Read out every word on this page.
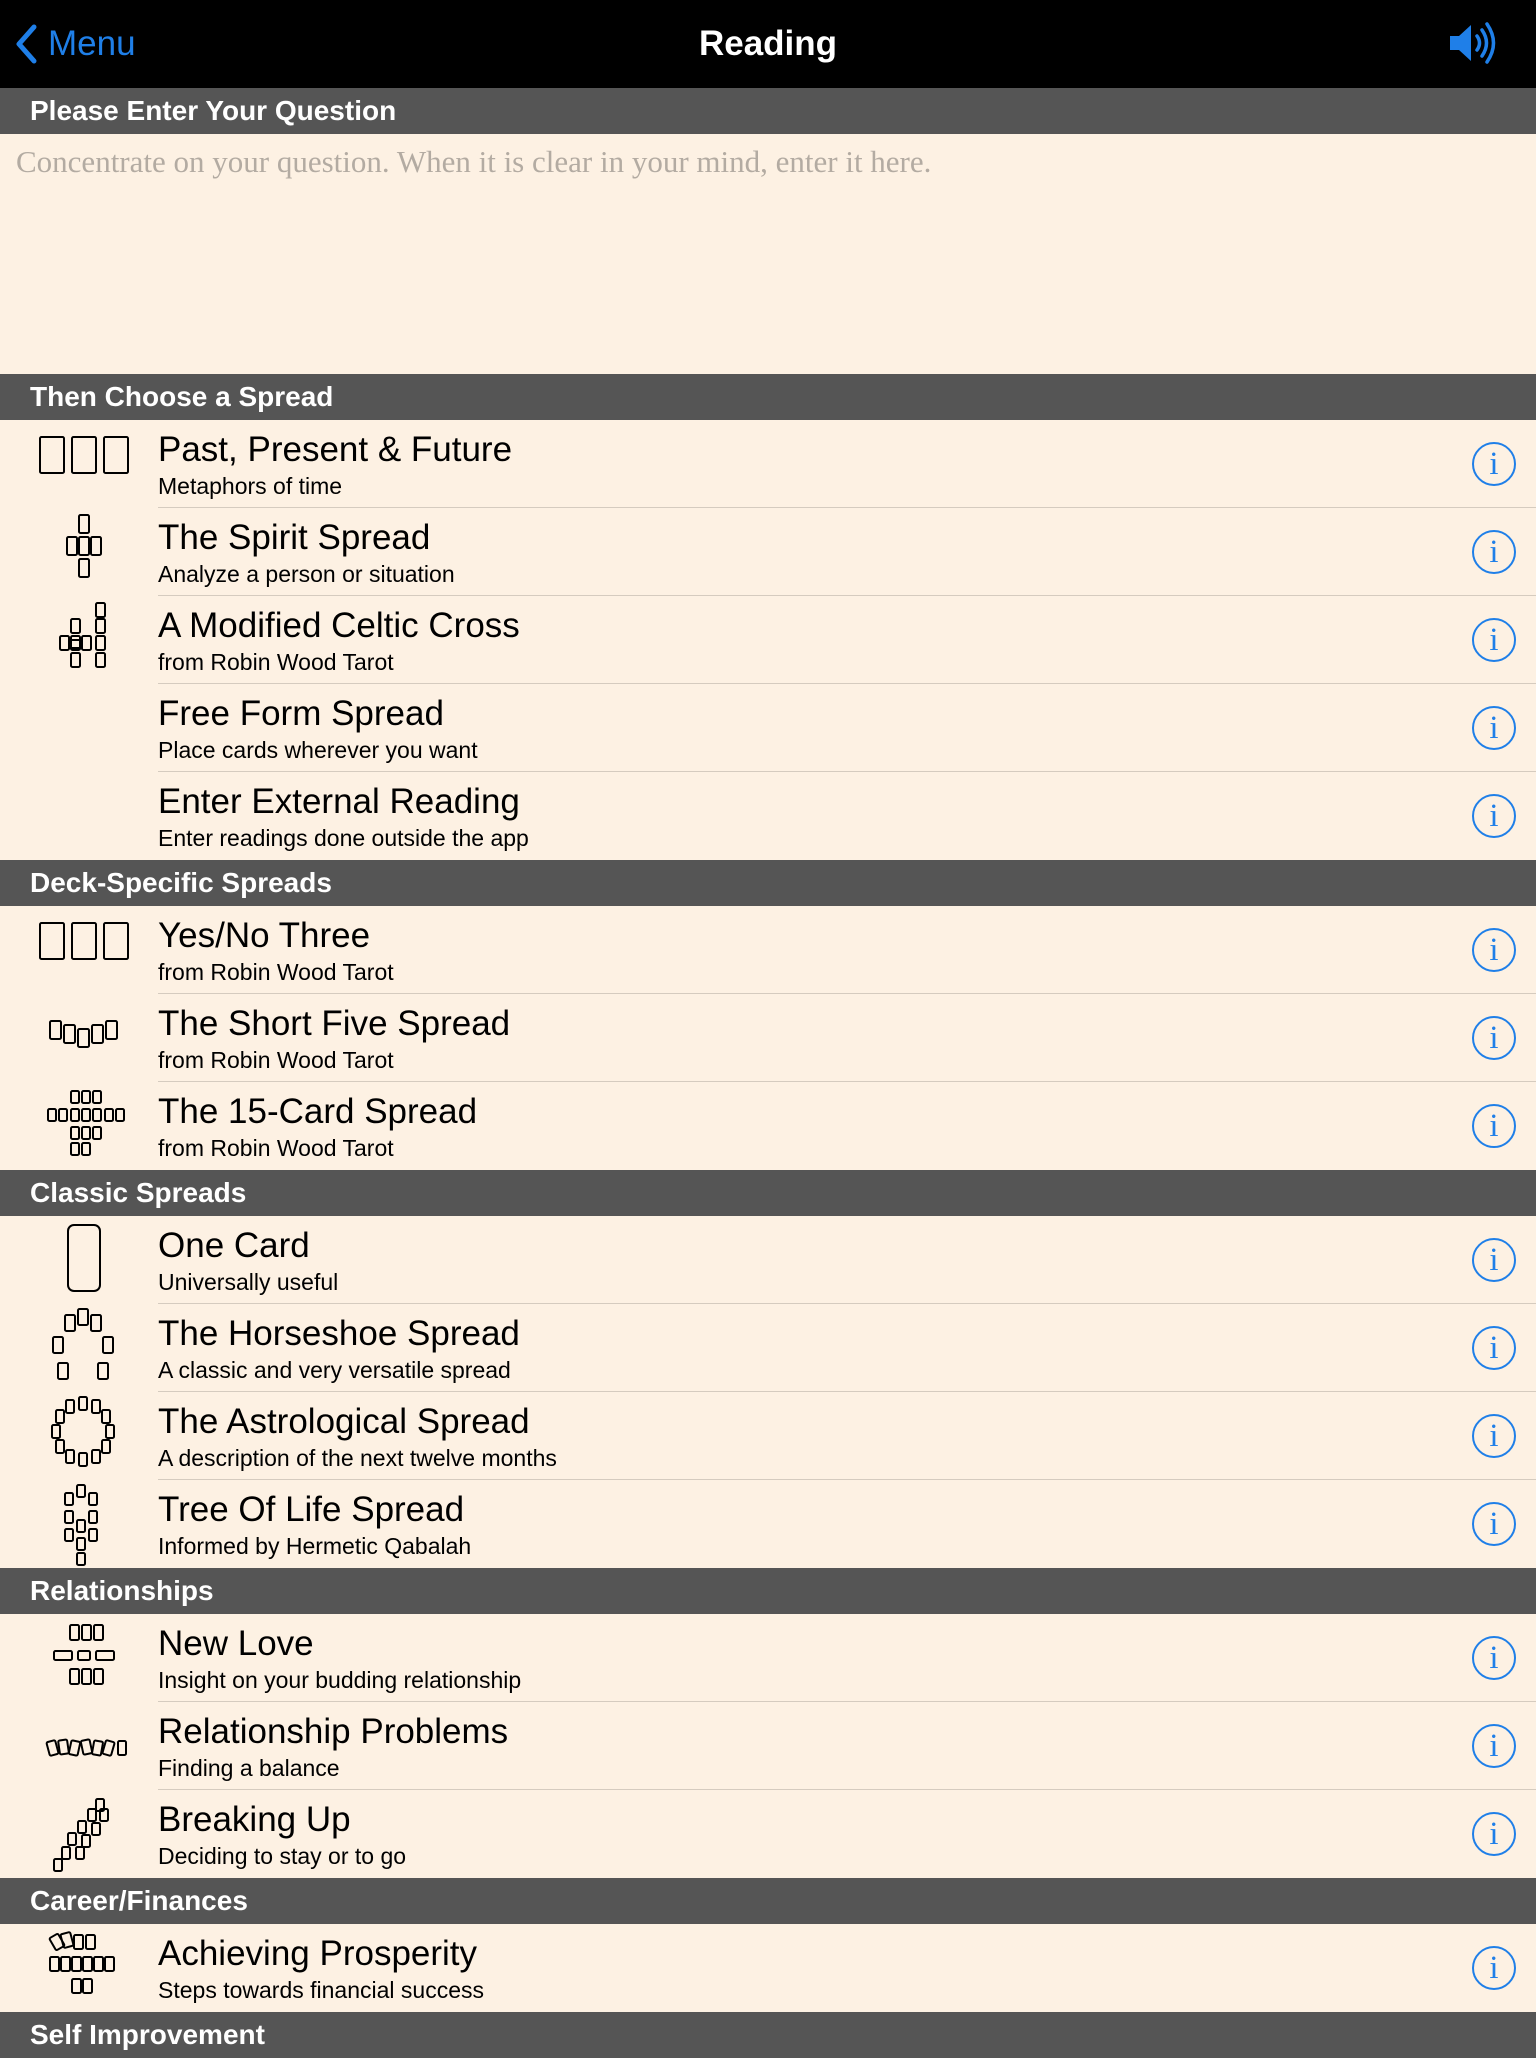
Menu	Reading
Please Enter Your Question
Concentrate on your question. When it is clear in your mind, enter it here.
Then Choose a Spread
Past, Present & Future
Metaphors of time
i
The Spirit Spread
Analyze a person or situation
i
A Modified Celtic Cross
from Robin Wood Tarot
i
Free Form Spread
Place cards wherever you want
i
Enter External Reading
Enter readings done outside the app
i
Deck-Specific Spreads
Yes/No Three
from Robin Wood Tarot
i
The Short Five Spread
from Robin Wood Tarot
i
The 15-Card Spread
from Robin Wood Tarot
i
Classic Spreads
One Card
Universally useful
i
The Horseshoe Spread
A classic and very versatile spread
i
The Astrological Spread
A description of the next twelve months
i
Tree Of Life Spread
Informed by Hermetic Qabalah
i
Relationships
New Love
Insight on your budding relationship
i
Relationship Problems
Finding a balance
i
Breaking Up
Deciding to stay or to go
i
Career/Finances
Achieving Prosperity
Steps towards financial success
i
Self Improvement
